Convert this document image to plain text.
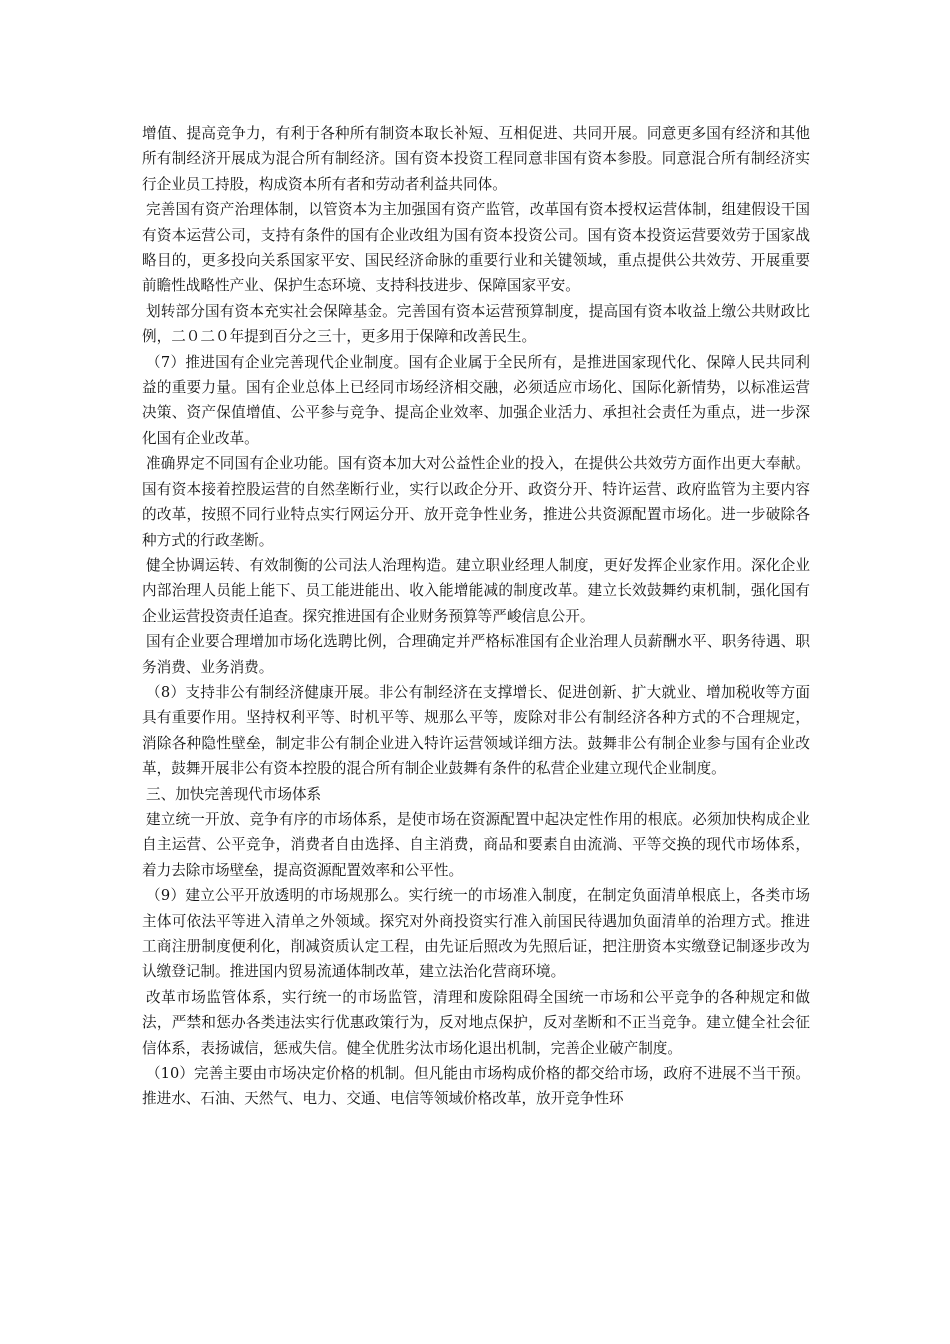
增值、提高竞争力，有利于各种所有制资本取长补短、互相促进、共同开展。同意更多国有经济和其他所有制经济开展成为混合所有制经济。国有资本投资工程同意非国有资本参股。同意混合所有制经济实行企业员工持股，构成资本所有者和劳动者利益共同体。

完善国有资产治理体制，以管资本为主加强国有资产监管，改革国有资本授权运营体制，组建假设干国有资本运营公司，支持有条件的国有企业改组为国有资本投资公司。国有资本投资运营要效劳于国家战略目的，更多投向关系国家平安、国民经济命脉的重要行业和关键领域，重点提供公共效劳、开展重要前瞻性战略性产业、保护生态环境、支持科技进步、保障国家平安。

划转部分国有资本充实社会保障基金。完善国有资本运营预算制度，提高国有资本收益上缴公共财政比例，二０二０年提到百分之三十，更多用于保障和改善民生。

（7）推进国有企业完善现代企业制度。国有企业属于全民所有，是推进国家现代化、保障人民共同利益的重要力量。国有企业总体上已经同市场经济相交融，必须适应市场化、国际化新情势，以标准运营决策、资产保值增值、公平参与竞争、提高企业效率、加强企业活力、承担社会责任为重点，进一步深化国有企业改革。

准确界定不同国有企业功能。国有资本加大对公益性企业的投入，在提供公共效劳方面作出更大奉献。国有资本接着控股运营的自然垄断行业，实行以政企分开、政资分开、特许运营、政府监管为主要内容的改革，按照不同行业特点实行网运分开、放开竞争性业务，推进公共资源配置市场化。进一步破除各种方式的行政垄断。

健全协调运转、有效制衡的公司法人治理构造。建立职业经理人制度，更好发挥企业家作用。深化企业内部治理人员能上能下、员工能进能出、收入能增能减的制度改革。建立长效鼓舞约束机制，强化国有企业运营投资责任追查。探究推进国有企业财务预算等严峻信息公开。

国有企业要合理增加市场化选聘比例，合理确定并严格标准国有企业治理人员薪酬水平、职务待遇、职务消费、业务消费。

（8）支持非公有制经济健康开展。非公有制经济在支撑增长、促进创新、扩大就业、增加税收等方面具有重要作用。坚持权利平等、时机平等、规那么平等，废除对非公有制经济各种方式的不合理规定，消除各种隐性壁垒，制定非公有制企业进入特许运营领域详细方法。鼓舞非公有制企业参与国有企业改革，鼓舞开展非公有资本控股的混合所有制企业鼓舞有条件的私营企业建立现代企业制度。

三、加快完善现代市场体系

建立统一开放、竞争有序的市场体系，是使市场在资源配置中起决定性作用的根底。必须加快构成企业自主运营、公平竞争，消费者自由选择、自主消费，商品和要素自由流淌、平等交换的现代市场体系，着力去除市场壁垒，提高资源配置效率和公平性。

（9）建立公平开放透明的市场规那么。实行统一的市场准入制度，在制定负面清单根底上，各类市场主体可依法平等进入清单之外领域。探究对外商投资实行准入前国民待遇加负面清单的治理方式。推进工商注册制度便利化，削减资质认定工程，由先证后照改为先照后证，把注册资本实缴登记制逐步改为认缴登记制。推进国内贸易流通体制改革，建立法治化营商环境。

改革市场监管体系，实行统一的市场监管，清理和废除阻碍全国统一市场和公平竞争的各种规定和做法，严禁和惩办各类违法实行优惠政策行为，反对地点保护，反对垄断和不正当竞争。建立健全社会征信体系，表扬诚信，惩戒失信。健全优胜劣汰市场化退出机制，完善企业破产制度。

（10）完善主要由市场决定价格的机制。但凡能由市场构成价格的都交给市场，政府不进展不当干预。推进水、石油、天然气、电力、交通、电信等领域价格改革，放开竞争性环
